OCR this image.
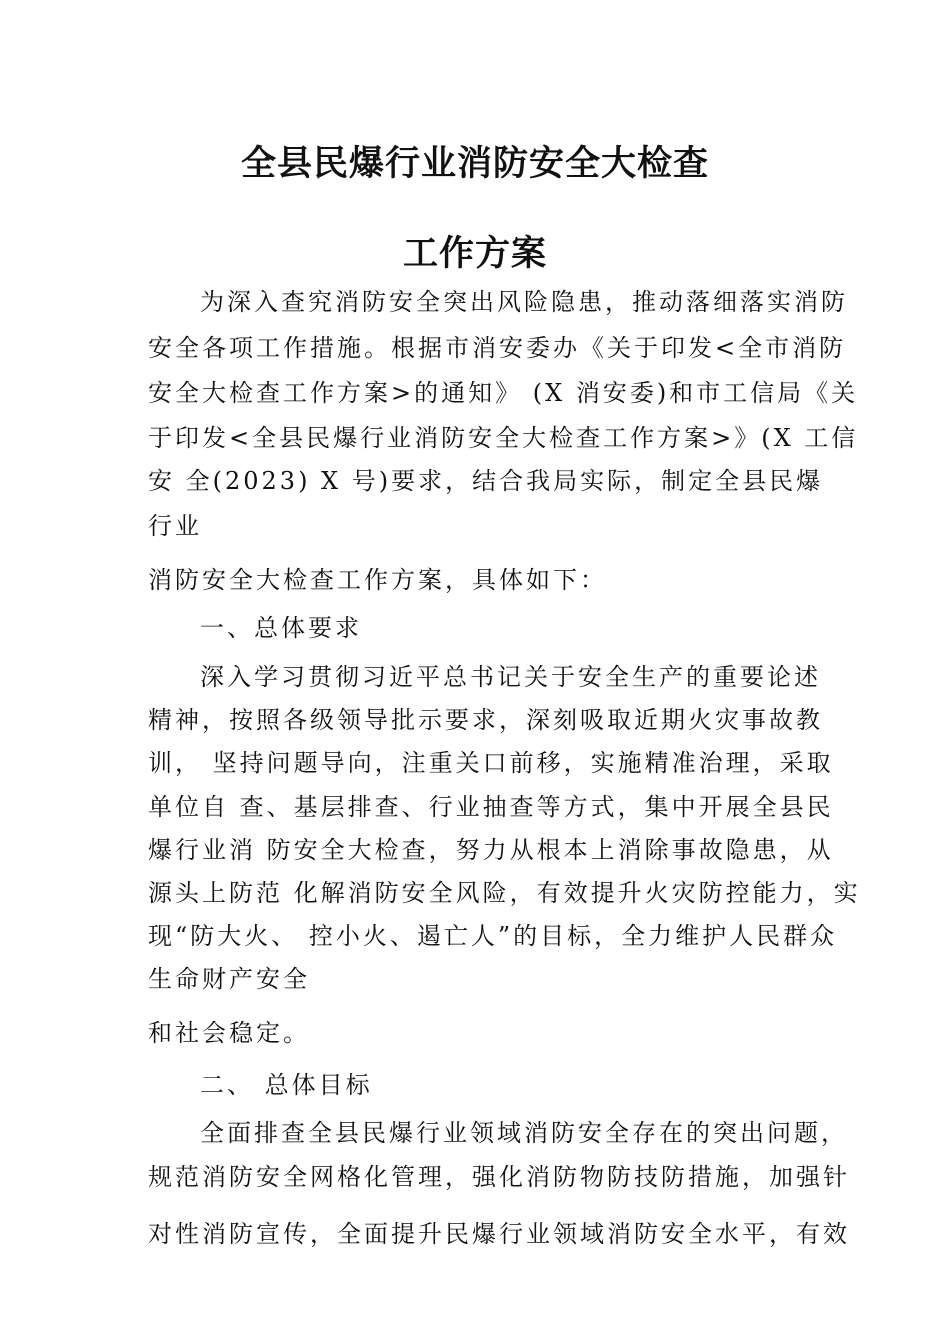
全县民爆行业消防安全大检查
工作方案
为深入查究消防安全突出风险隐患，推动落细落实消防
安全各项工作措施。根据市消安委办《关于印发<全市消防
安全大检查工作方案>的通知》 (X 消安委)和市工信局《关
于印发<全县民爆行业消防安全大检查工作方案>》(X 工信
安 全(2023) X 号)要求，结合我局实际，制定全县民爆
行业
消防安全大检查工作方案，具体如下：
一、总体要求
深入学习贯彻习近平总书记关于安全生产的重要论述
精神，按照各级领导批示要求，深刻吸取近期火灾事故教
训， 坚持问题导向，注重关口前移，实施精准治理，采取
单位自 查、基层排查、行业抽查等方式，集中开展全县民
爆行业消 防安全大检查，努力从根本上消除事故隐患，从
源头上防范 化解消防安全风险，有效提升火灾防控能力，实
现“防大火、 控小火、遏亡人”的目标，全力维护人民群众
生命财产安全
和社会稳定。
二、 总体目标
全面排查全县民爆行业领域消防安全存在的突出问题，
规范消防安全网格化管理，强化消防物防技防措施，加强针
对性消防宣传，全面提升民爆行业领域消防安全水平，有效
